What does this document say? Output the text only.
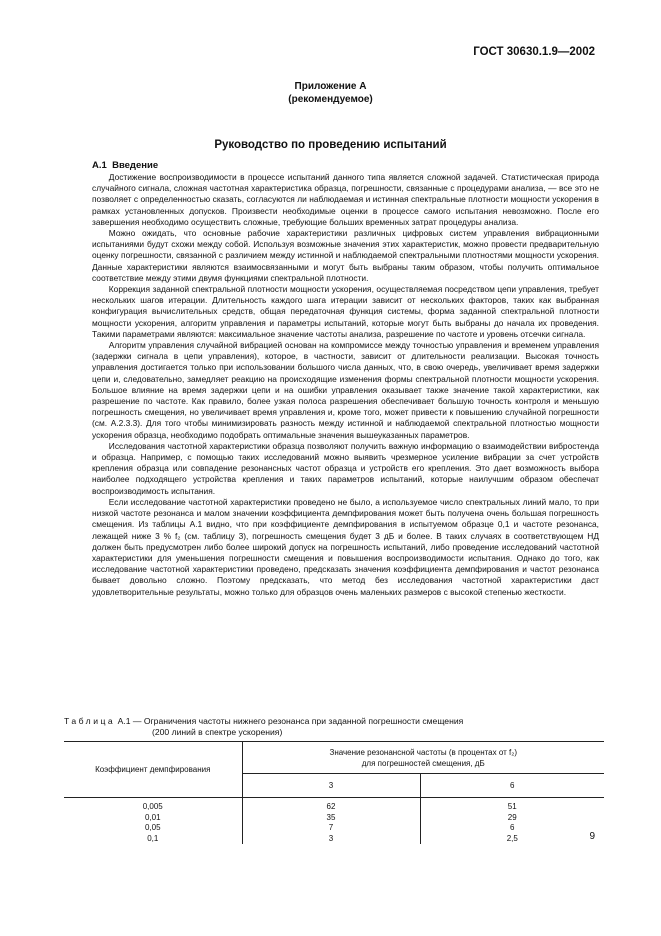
ГОСТ 30630.1.9—2002
Приложение А
(рекомендуемое)
Руководство по проведению испытаний
А.1 Введение

Достижение воспроизводимости в процессе испытаний данного типа является сложной задачей. Статистическая природа случайного сигнала, сложная частотная характеристика образца, погрешности, связанные с процедурами анализа, — все это не позволяет с определенностью сказать, согласуются ли наблюдаемая и истинная спектральные плотности мощности ускорения в рамках установленных допусков. Произвести необходимые оценки в процессе самого испытания невозможно. После его завершения необходимо осуществить сложные, требующие больших временных затрат процедуры анализа.

Можно ожидать, что основные рабочие характеристики различных цифровых систем управления вибрационными испытаниями будут схожи между собой. Используя возможные значения этих характеристик, можно провести предварительную оценку погрешности, связанной с различием между истинной и наблюдаемой спектральными плотностями мощности ускорения. Данные характеристики являются взаимосвязанными и могут быть выбраны таким образом, чтобы получить оптимальное соответствие между этими двумя функциями спектральной плотности.

Коррекция заданной спектральной плотности мощности ускорения, осуществляемая посредством цепи управления, требует нескольких шагов итерации. Длительность каждого шага итерации зависит от нескольких факторов, таких как выбранная конфигурация вычислительных средств, общая передаточная функция системы, форма заданной спектральной плотности мощности ускорения, алгоритм управления и параметры испытаний, которые могут быть выбраны до начала их проведения. Такими параметрами являются: максимальное значение частоты анализа, разрешение по частоте и уровень отсечки сигнала.

Алгоритм управления случайной вибрацией основан на компромиссе между точностью управления и временем управления (задержки сигнала в цепи управления), которое, в частности, зависит от длительности реализации. Высокая точность управления достигается только при использовании большого числа данных, что, в свою очередь, увеличивает время задержки цепи и, следовательно, замедляет реакцию на происходящие изменения формы спектральной плотности мощности ускорения. Большое влияние на время задержки цепи и на ошибки управления оказывает также значение такой характеристики, как разрешение по частоте. Как правило, более узкая полоса разрешения обеспечивает большую точность контроля и меньшую погрешность смещения, но увеличивает время управления и, кроме того, может привести к повышению случайной погрешности (см. А.2.3.3). Для того чтобы минимизировать разность между истинной и наблюдаемой спектральной плотностью мощности ускорения образца, необходимо подобрать оптимальные значения вышеуказанных параметров.

Исследования частотной характеристики образца позволяют получить важную информацию о взаимодействии вибростенда и образца. Например, с помощью таких исследований можно выявить чрезмерное усиление вибрации за счет устройств крепления образца или совпадение резонансных частот образца и устройств его крепления. Это дает возможность выбора наиболее подходящего устройства крепления и таких параметров испытаний, которые наилучшим образом обеспечат воспроизводимость испытания.

Если исследование частотной характеристики проведено не было, а используемое число спектральных линий мало, то при низкой частоте резонанса и малом значении коэффициента демпфирования может быть получена очень большая погрешность смещения. Из таблицы А.1 видно, что при коэффициенте демпфирования в испытуемом образце 0,1 и частоте резонанса, лежащей ниже 3 % f₂ (см. таблицу 3), погрешность смещения будет 3 дБ и более. В таких случаях в соответствующем НД должен быть предусмотрен либо более широкий допуск на погрешность испытаний, либо проведение исследований частотной характеристики для уменьшения погрешности смещения и повышения воспроизводимости испытания. Однако до того, как исследование частотной характеристики проведено, предсказать значения коэффициента демпфирования и частот резонанса бывает довольно сложно. Поэтому предсказать, что метод без исследования частотной характеристики даст удовлетворительные результаты, можно только для образцов очень маленьких размеров с высокой степенью жесткости.

Таблица А.1 — Ограничения частоты нижнего резонанса при заданной погрешности смещения
(200 линий в спектре ускорения)
Коэффициент демпфирования	Значение резонансной частоты (в процентах от f₂)
для погрешностей смещения, дБ	

	3	6
0,005	62	51
0,01	35	29
0,05	7	6
0,1	3	2,5	9
